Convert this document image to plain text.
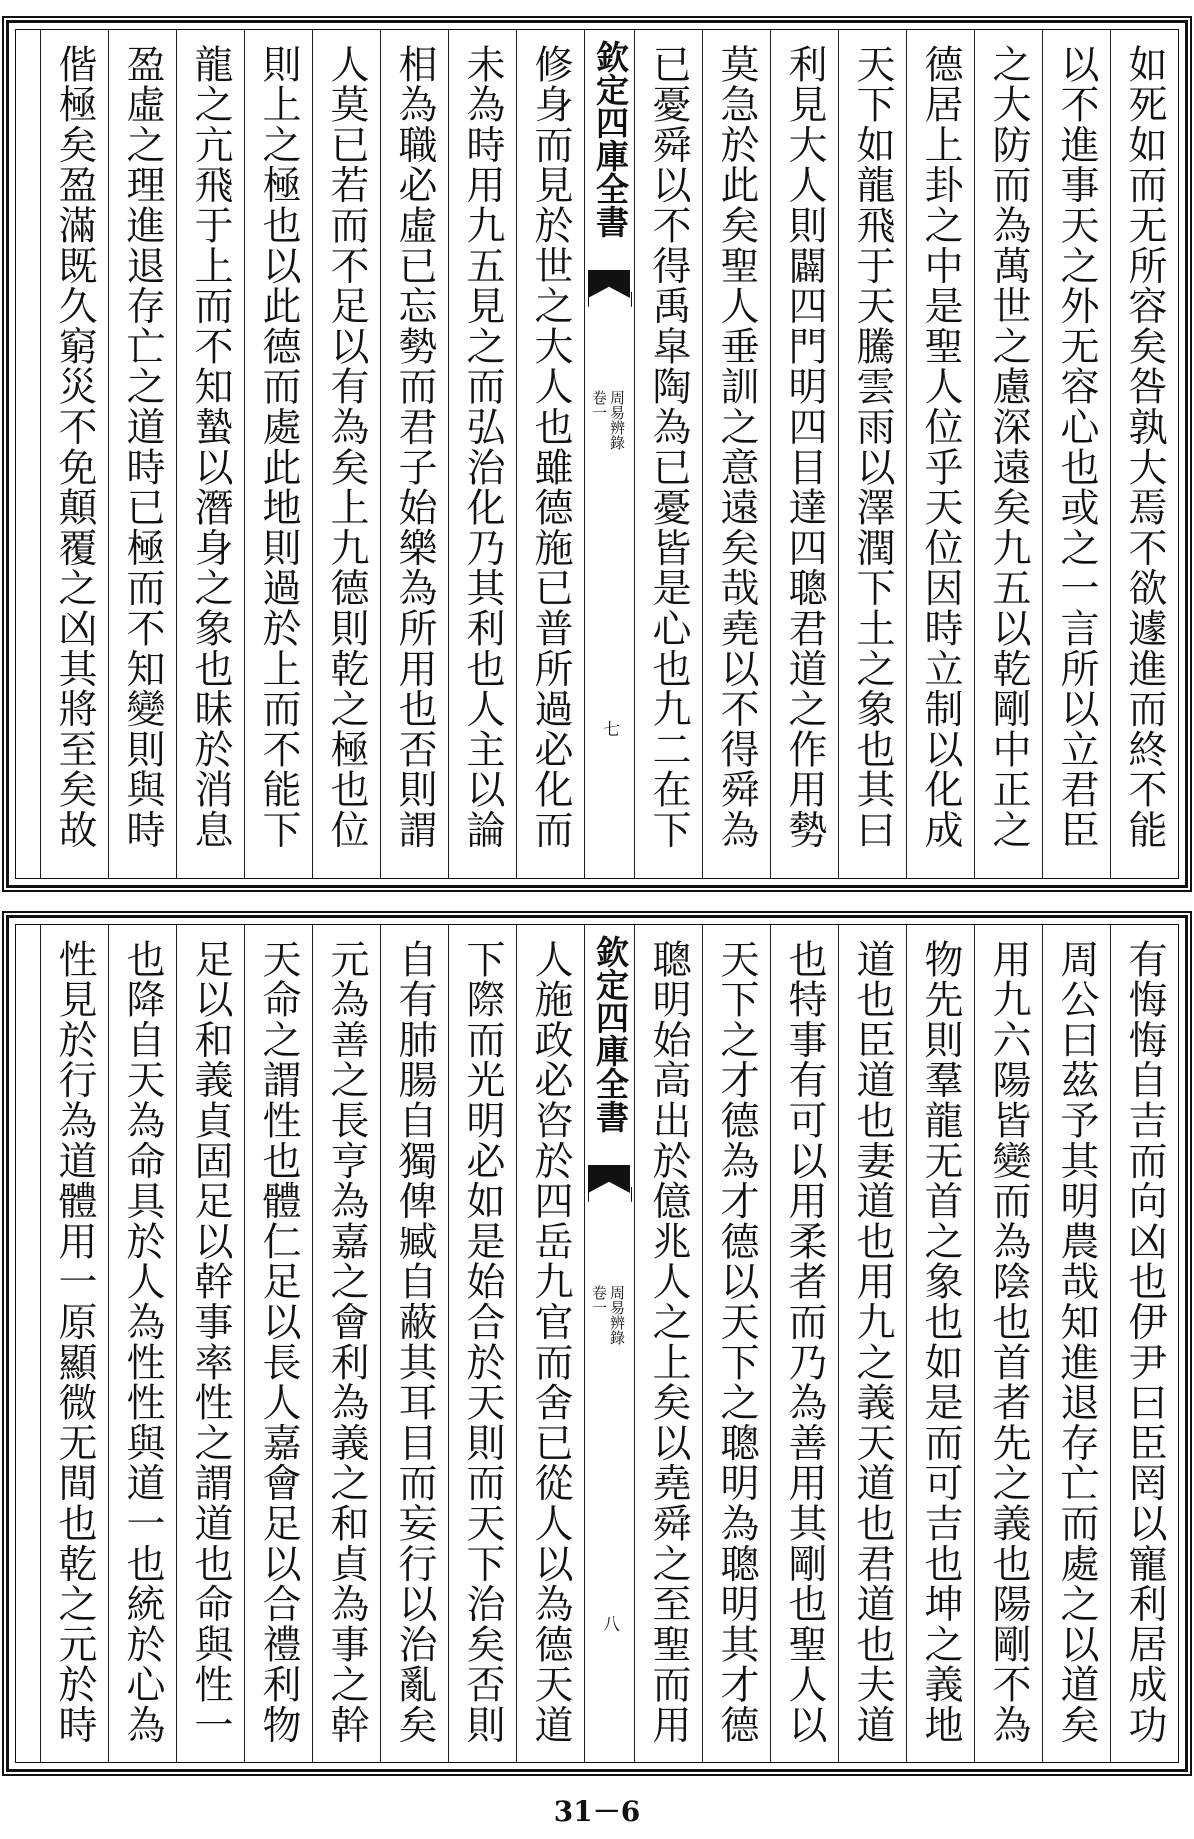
如死如而无所容矣咎孰大焉不欲遽進而終不能
以不進事天之外无容心也或之一言所以立君臣
之大防而為萬世之慮深遠矣九五以乾剛中正之
德居上卦之中是聖人位乎天位因時立制以化成
天下如龍飛于天騰雲雨以澤潤下土之象也其曰
利見大人則闢四門明四目達四聰君道之作用勢
莫急於此矣聖人垂訓之意遠矣哉堯以不得舜為
已憂舜以不得禹皐陶為已憂皆是心也九二在下
欽定四庫全書
周易辨錄
卷一
七
修身而見於世之大人也雖德施已普所過必化而
未為時用九五見之而弘治化乃其利也人主以論
相為職必虛已忘勢而君子始樂為所用也否則謂
人莫已若而不足以有為矣上九德則乾之極也位
則上之極也以此德而處此地則過於上而不能下
龍之亢飛于上而不知蟄以潛身之象也昧於消息
盈虛之理進退存亡之道時已極而不知變則與時
偕極矣盈滿既久窮災不免顛覆之凶其將至矣故
有悔悔自吉而向凶也伊尹曰臣罔以寵利居成功
周公曰茲予其明農哉知進退存亡而處之以道矣
用九六陽皆變而為陰也首者先之義也陽剛不為
物先則羣龍无首之象也如是而可吉也坤之義地
道也臣道也妻道也用九之義天道也君道也夫道
也特事有可以用柔者而乃為善用其剛也聖人以
天下之才德為才德以天下之聰明為聰明其才德
聰明始高出於億兆人之上矣以堯舜之至聖而用
欽定四庫全書
周易辨錄
卷一
八
人施政必咨於四岳九官而舍已從人以為德天道
下際而光明必如是始合於天則而天下治矣否則
自有肺腸自獨俾臧自蔽其耳目而妄行以治亂矣
元為善之長亨為嘉之會利為義之和貞為事之幹
天命之謂性也體仁足以長人嘉會足以合禮利物
足以和義貞固足以幹事率性之謂道也命與性一
也降自天為命具於人為性性與道一也統於心為
性見於行為道體用一原顯微无間也乾之元於時
31－6
